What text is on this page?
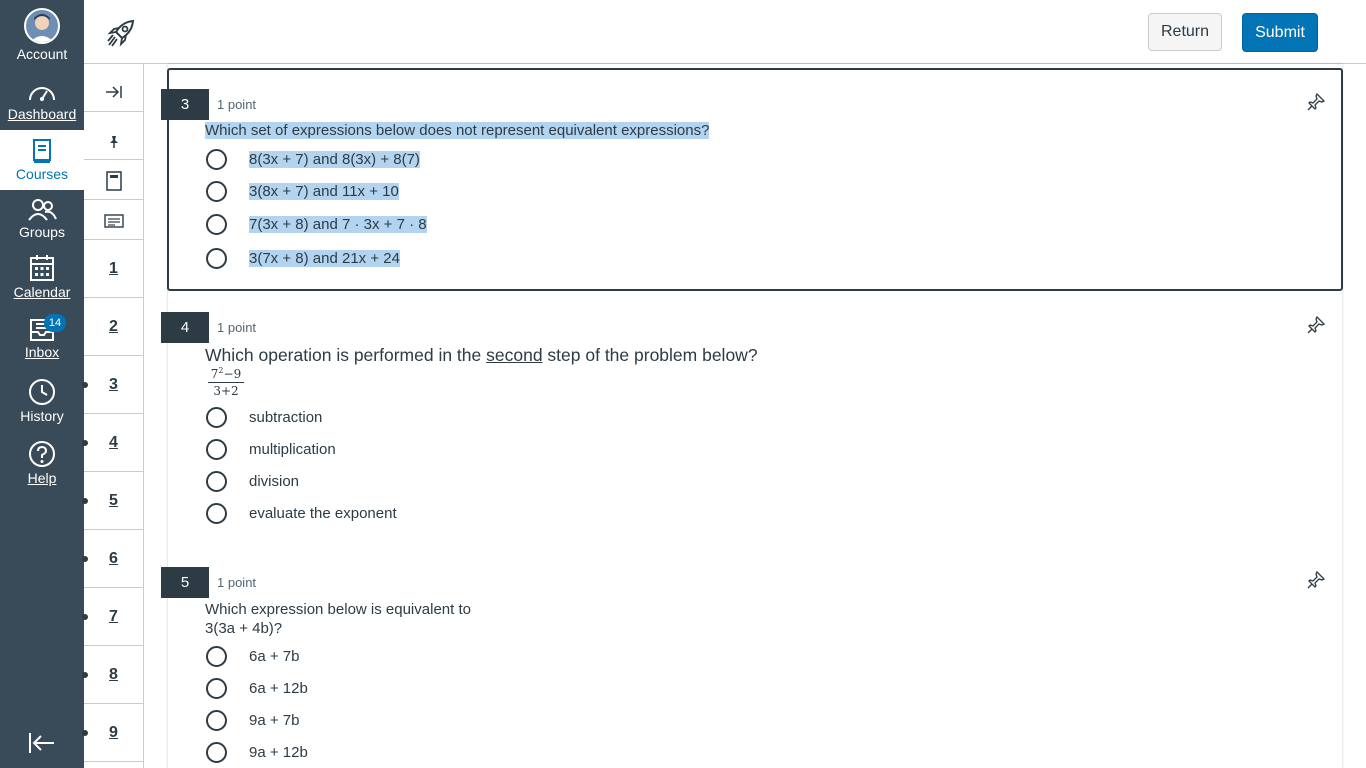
Account
Dashboard
Courses
Groups
Calendar
14
Inbox
History
Help
Return	Submit
1
2
3
4
5
6
7
8
9
3	1 point
Which set of expressions below does not represent equivalent expressions?
8(3x + 7) and 8(3x) + 8(7)
3(8x + 7) and 11x + 10
7(3x + 8) and 7 · 3x + 7 · 8
3(7x + 8) and 21x + 24
4	1 point
Which operation is performed in the second step of the problem below?
$\frac{7^2-9}{3+2}$
subtraction
multiplication
division
evaluate the exponent
5	1 point
Which expression below is equivalent to
3(3a + 4b)?
6a + 7b
6a + 12b
9a + 7b
9a + 12b
